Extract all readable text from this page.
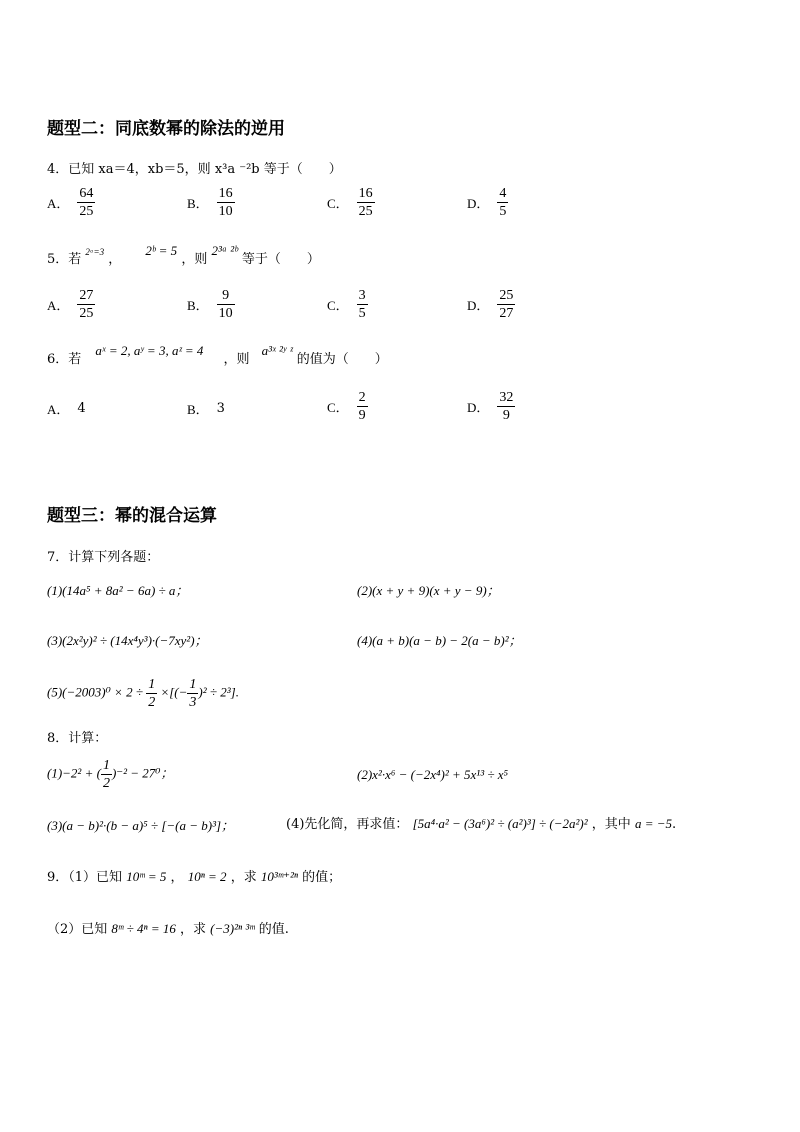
题型二：同底数幂的除法的逆用
4．已知 xa＝4，xb＝5，则 x³a ⁻²b 等于（　　）
A． $\frac{64}{25}$	B． $\frac{16}{10}$	C． $\frac{16}{25}$	D． $\frac{4}{5}$
5．若 2ᵃ=3 ， 2ᵇ = 5 ，则 2³ᵃ ²ᵇ 等于（　　）
A． $\frac{27}{25}$	B． $\frac{9}{10}$	C． $\frac{3}{5}$	D． $\frac{25}{27}$
6．若 aˣ = 2, aʸ = 3, aᶻ = 4 ，则 a³ˣ ²ʸ ᶻ 的值为（　　）
A． 4	B． 3	C． $\frac{2}{9}$	D． $\frac{32}{9}$
题型三：幂的混合运算
7．计算下列各题：
(1)(14a⁵ + 8a² − 6a) ÷ a；	(2)(x + y + 9)(x + y − 9)；
(3)(2x²y)² ÷ (14x⁴y³)·(−7xy²)；	(4)(a + b)(a − b) − 2(a − b)²；
$(5)(-2003)^0 \times 2 \div \frac{1}{2}$ ×[(− $\frac{1}{3} )^2 \div 2^3$].
8．计算：
(1)−2² + ( $\frac{1}{2} )^{-2} - 27^0$；	(2)x²·x⁶ − (−2x⁴)² + 5x¹³ ÷ x⁵
(3)(a − b)²·(b − a)⁵ ÷ [−(a − b)³]；	(4)先化简，再求值： [5a⁴·a² − (3a⁶)² ÷ (a²)³] ÷ (−2a²)² ，其中 a = −5.
9．（1）已知 10ᵐ = 5 ， 10ⁿ = 2 ，求 10³ᵐ⁺²ⁿ 的值；
（2）已知 8ᵐ ÷ 4ⁿ = 16 ，求 (−3)²ⁿ ³ᵐ 的值.
